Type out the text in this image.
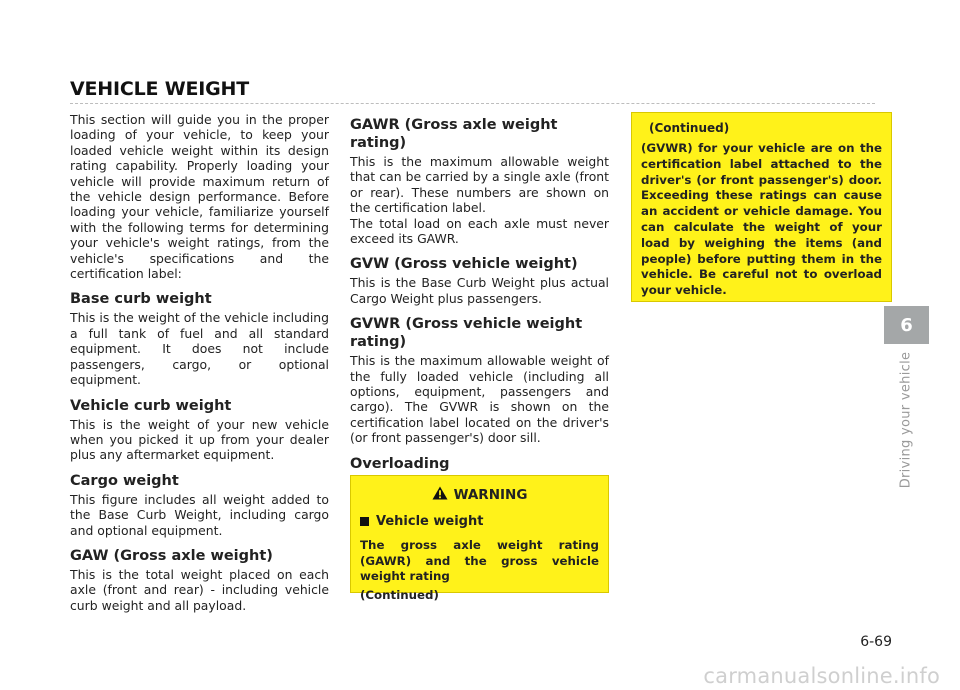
VEHICLE WEIGHT

This section will guide you in the proper loading of your vehicle, to keep your loaded vehicle weight within its design rating capability. Properly loading your vehicle will provide maximum return of the vehicle design performance. Before loading your vehicle, familiarize yourself with the following terms for determining your vehicle's weight ratings, from the vehicle's specifications and the certification label:

Base curb weight

This is the weight of the vehicle including a full tank of fuel and all standard equipment. It does not include passengers, cargo, or optional equipment.

Vehicle curb weight

This is the weight of your new vehicle when you picked it up from your dealer plus any aftermarket equipment.

Cargo weight

This figure includes all weight added to the Base Curb Weight, including cargo and optional equipment.

GAW (Gross axle weight)

This is the total weight placed on each axle (front and rear) - including vehicle curb weight and all payload.

GAWR (Gross axle weight rating)

This is the maximum allowable weight that can be carried by a single axle (front or rear). These numbers are shown on the certification label.

The total load on each axle must never exceed its GAWR.

GVW (Gross vehicle weight)

This is the Base Curb Weight plus actual Cargo Weight plus passengers.

GVWR (Gross vehicle weight rating)

This is the maximum allowable weight of the fully loaded vehicle (including all options, equipment, passengers and cargo). The GVWR is shown on the certification label located on the driver's (or front passenger's) door sill.

Overloading
WARNING
Vehicle weight
The gross axle weight rating (GAWR) and the gross vehicle weight rating
(Continued)
(Continued)
(GVWR) for your vehicle are on the certification label attached to the driver's (or front passenger's) door. Exceeding these ratings can cause an accident or vehicle damage. You can calculate the weight of your load by weighing the items (and people) before putting them in the vehicle. Be careful not to overload your vehicle.
6
Driving your vehicle
6-69
carmanualsonline.info
